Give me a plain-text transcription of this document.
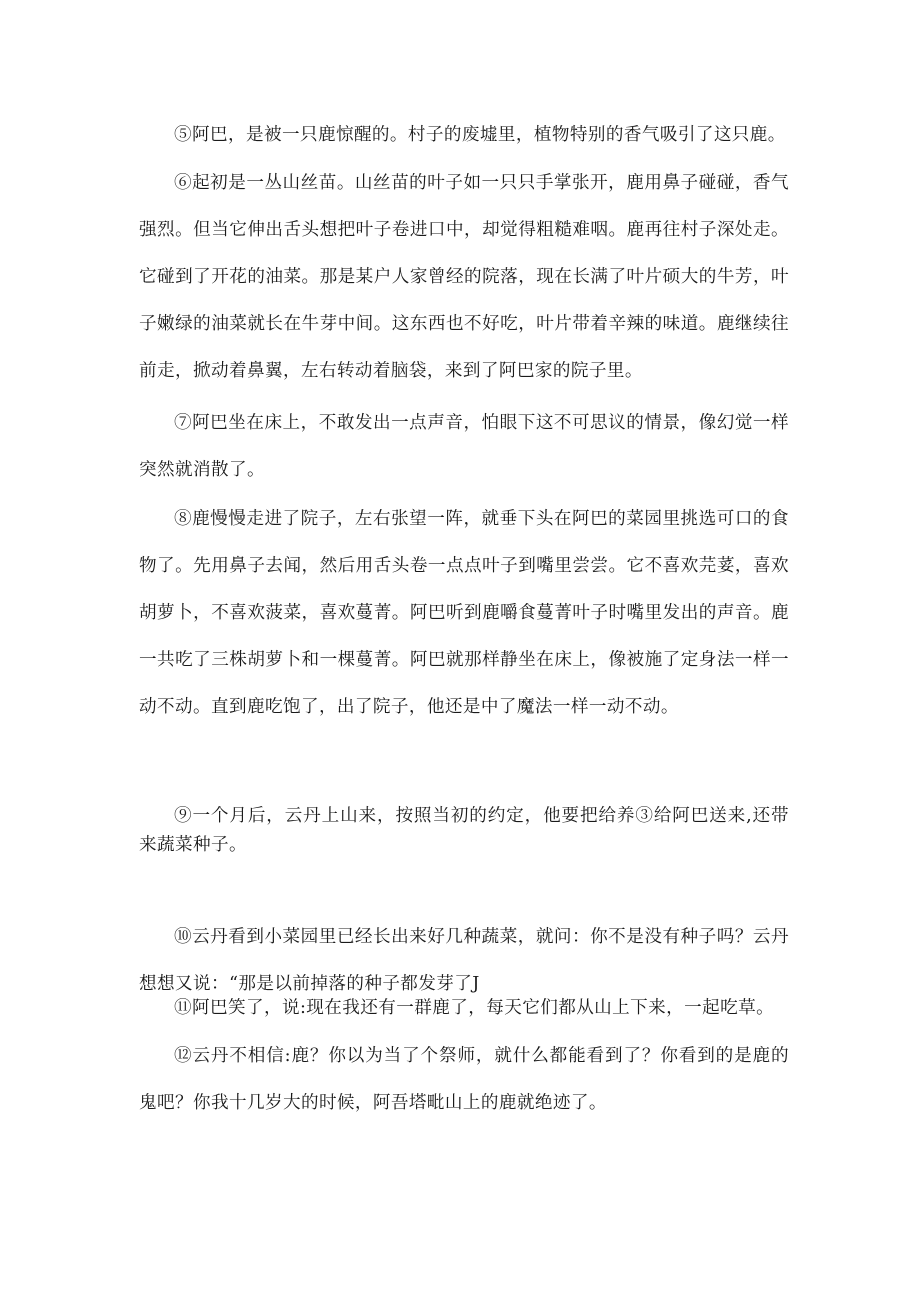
⑤阿巴，是被一只鹿惊醒的。村子的废墟里，植物特别的香气吸引了这只鹿。

⑥起初是一丛山丝苗。山丝苗的叶子如一只只手掌张开，鹿用鼻子碰碰，香气强烈。但当它伸出舌头想把叶子卷进口中，却觉得粗糙难咽。鹿再往村子深处走。它碰到了开花的油菜。那是某户人家曾经的院落，现在长满了叶片硕大的牛芳，叶子嫩绿的油菜就长在牛芽中间。这东西也不好吃，叶片带着辛辣的味道。鹿继续往前走，掀动着鼻翼，左右转动着脑袋，来到了阿巴家的院子里。

⑦阿巴坐在床上，不敢发出一点声音，怕眼下这不可思议的情景，像幻觉一样突然就消散了。

⑧鹿慢慢走进了院子，左右张望一阵，就垂下头在阿巴的菜园里挑选可口的食物了。先用鼻子去闻，然后用舌头卷一点点叶子到嘴里尝尝。它不喜欢芫荽，喜欢胡萝卜，不喜欢菠菜，喜欢蔓菁。阿巴听到鹿嚼食蔓菁叶子时嘴里发出的声音。鹿一共吃了三株胡萝卜和一棵蔓菁。阿巴就那样静坐在床上，像被施了定身法一样一动不动。直到鹿吃饱了，出了院子，他还是中了魔法一样一动不动。

⑨一个月后，云丹上山来，按照当初的约定，他要把给养③给阿巴送来,还带来蔬菜种子。

⑩云丹看到小菜园里已经长出来好几种蔬菜，就问：你不是没有种子吗？云丹想想又说：“那是以前掉落的种子都发芽了J

⑪阿巴笑了，说:现在我还有一群鹿了，每天它们都从山上下来，一起吃草。

⑫云丹不相信:鹿？你以为当了个祭师，就什么都能看到了？你看到的是鹿的鬼吧？你我十几岁大的时候，阿吾塔毗山上的鹿就绝迹了。
